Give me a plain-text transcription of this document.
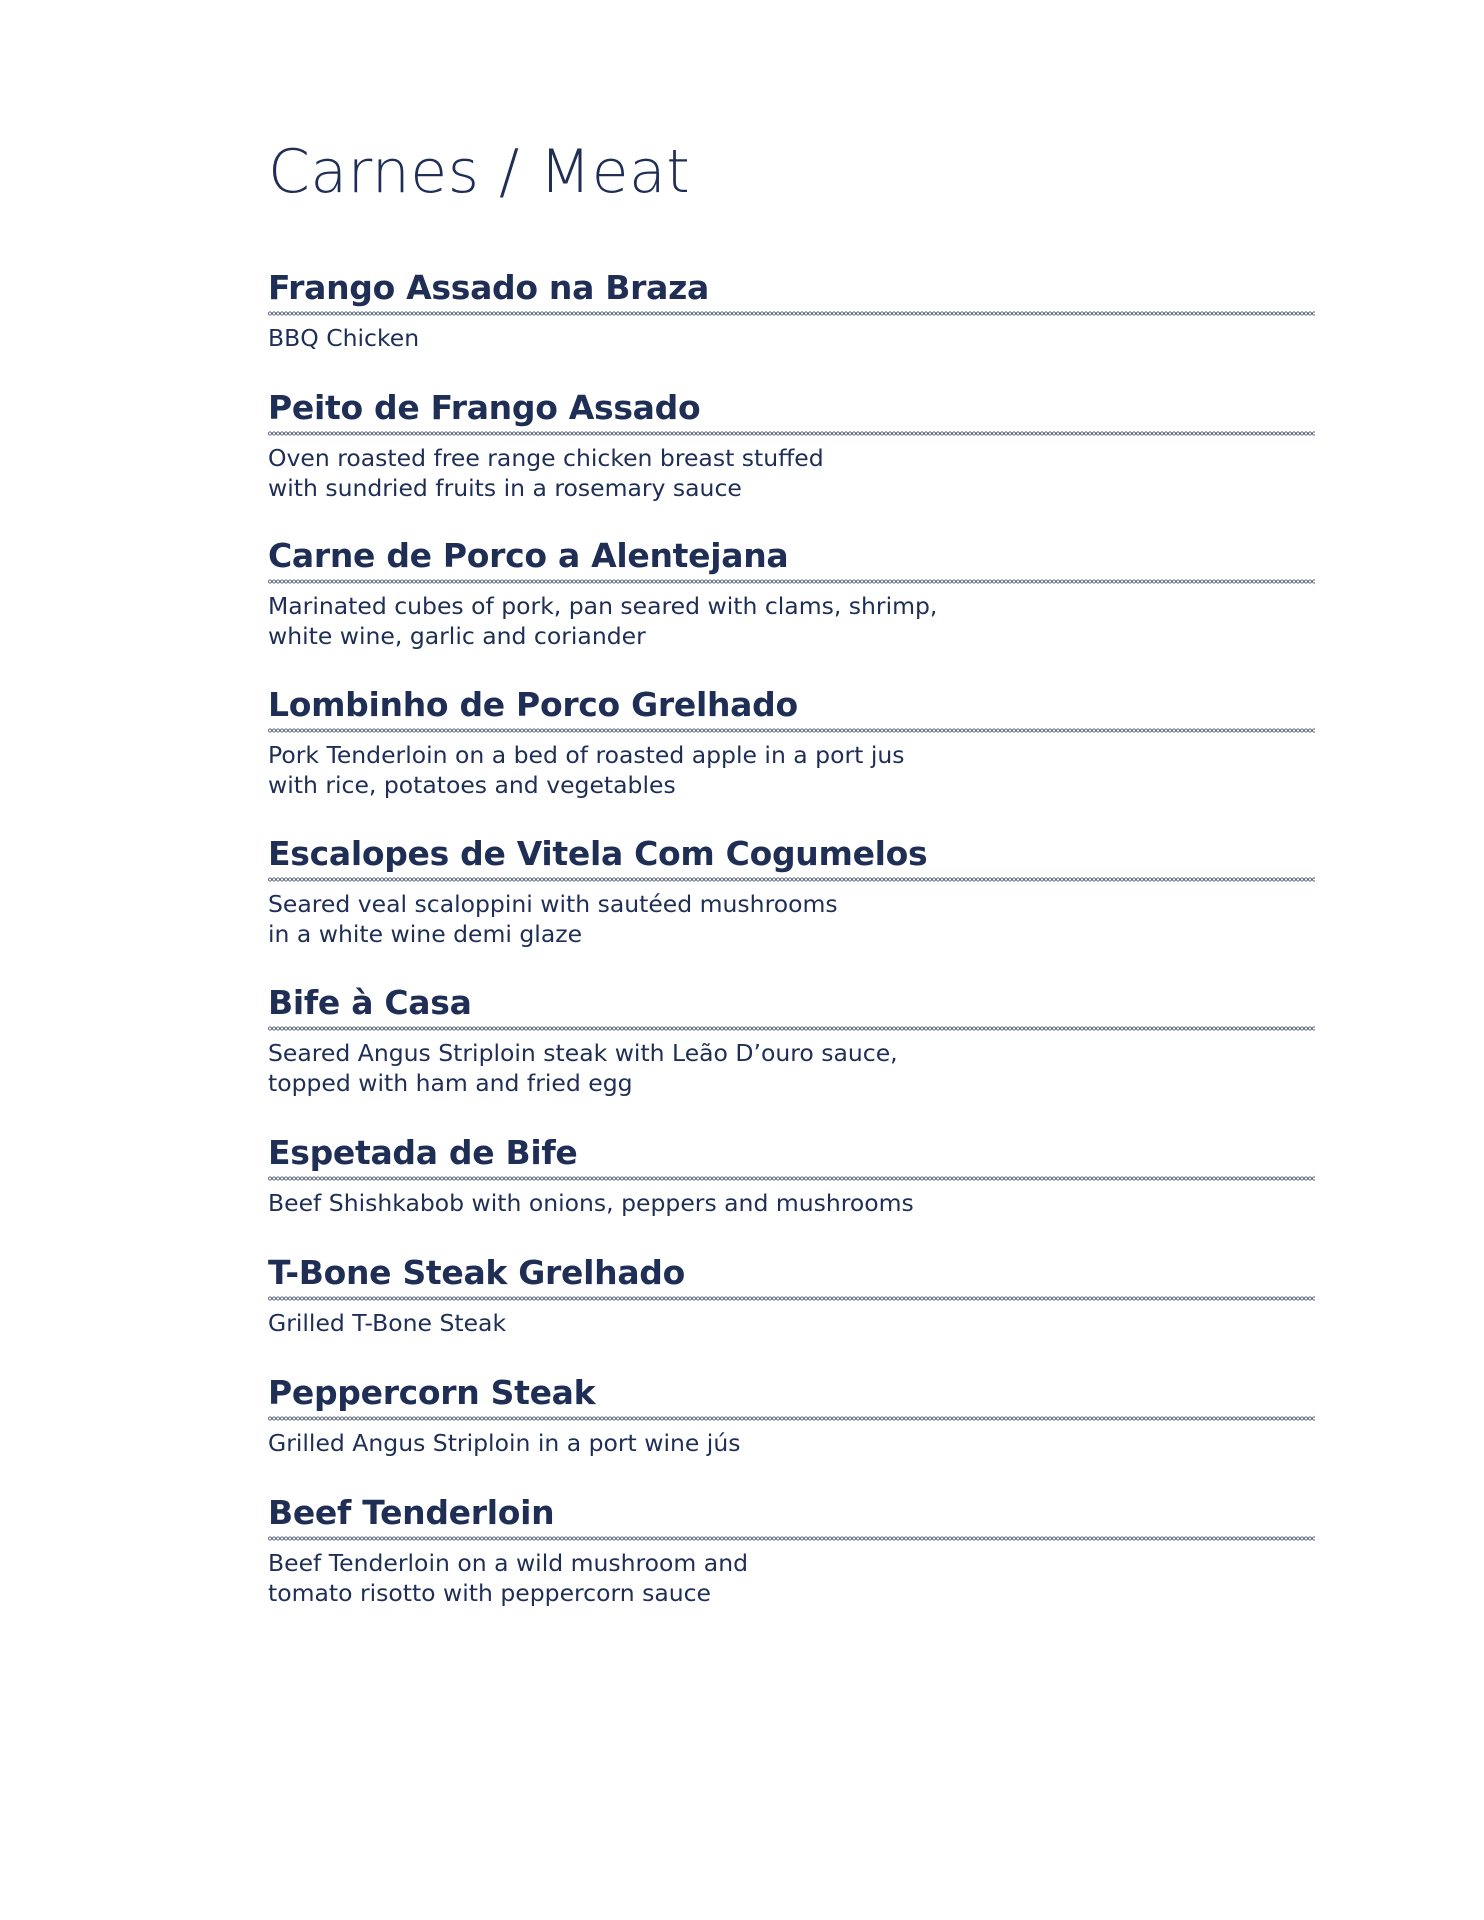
Carnes / Meat
Frango Assado na Braza

BBQ Chicken

Peito de Frango Assado

Oven roasted free range chicken breast stuffed
with sundried fruits in a rosemary sauce

Carne de Porco a Alentejana

Marinated cubes of pork, pan seared with clams, shrimp,
white wine, garlic and coriander

Lombinho de Porco Grelhado

Pork Tenderloin on a bed of roasted apple in a port jus
with rice, potatoes and vegetables

Escalopes de Vitela Com Cogumelos

Seared veal scaloppini with sautéed mushrooms
in a white wine demi glaze

Bife à Casa

Seared Angus Striploin steak with Leão D’ouro sauce,
topped with ham and fried egg

Espetada de Bife

Beef Shishkabob with onions, peppers and mushrooms

T-Bone Steak Grelhado

Grilled T-Bone Steak

Peppercorn Steak

Grilled Angus Striploin in a port wine jús

Beef Tenderloin

Beef Tenderloin on a wild mushroom and
tomato risotto with peppercorn sauce
